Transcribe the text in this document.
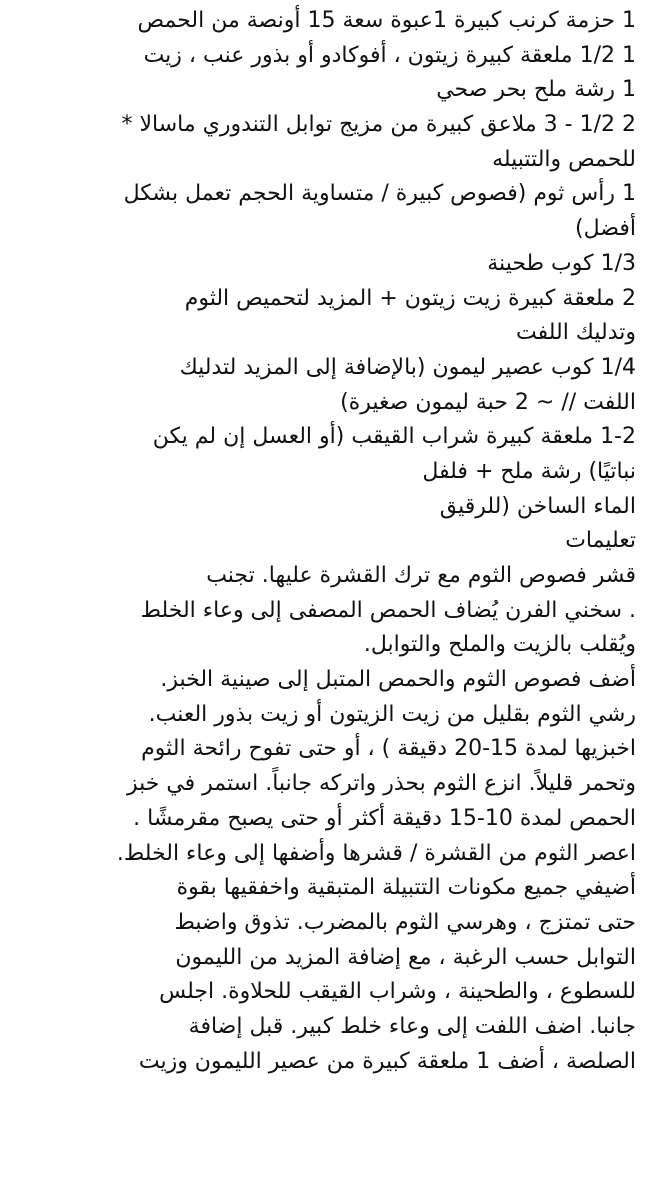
1 حزمة كرنب كبيرة 1عبوة سعة 15 أونصة من الحمص
1 1/2 ملعقة كبيرة زيتون ، أفوكادو أو بذور عنب ، زيت
1 رشة ملح بحر صحي
2 1/2 - 3 ملاعق كبيرة من مزيج توابل التندوري ماسالا *
للحمص والتتبيله
1 رأس ثوم (فصوص كبيرة / متساوية الحجم تعمل بشكل
أفضل)
1/3 كوب طحينة
2 ملعقة كبيرة زيت زيتون + المزيد لتحميص الثوم
وتدليك اللفت
1/4 كوب عصير ليمون (بالإضافة إلى المزيد لتدليك
اللفت // ~ 2 حبة ليمون صغيرة)
1-2 ملعقة كبيرة شراب القيقب (أو العسل إن لم يكن
نباتيًا) رشة ملح + فلفل
الماء الساخن (للرقيق
تعليمات
قشر فصوص الثوم مع ترك القشرة عليها. تجنب
. سخني الفرن يُضاف الحمص المصفى إلى وعاء الخلط
ويُقلب بالزيت والملح والتوابل.
أضف فصوص الثوم والحمص المتبل إلى صينية الخبز.
رشي الثوم بقليل من زيت الزيتون أو زيت بذور العنب.
اخبزيها لمدة 15-20 دقيقة ) ، أو حتى تفوح رائحة الثوم
وتحمر قليلاً. انزع الثوم بحذر واتركه جانباً. استمر في خبز
الحمص لمدة 10-15 دقيقة أكثر أو حتى يصبح مقرمشًا .
اعصر الثوم من القشرة / قشرها وأضفها إلى وعاء الخلط.
أضيفي جميع مكونات التتبيلة المتبقية واخفقيها بقوة
حتى تمتزج ، وهرسي الثوم بالمضرب. تذوق واضبط
التوابل حسب الرغبة ، مع إضافة المزيد من الليمون
للسطوع ، والطحينة ، وشراب القيقب للحلاوة. اجلس
جانبا. اضف اللفت إلى وعاء خلط كبير. قبل إضافة
الصلصة ، أضف 1 ملعقة كبيرة من عصير الليمون وزيت
